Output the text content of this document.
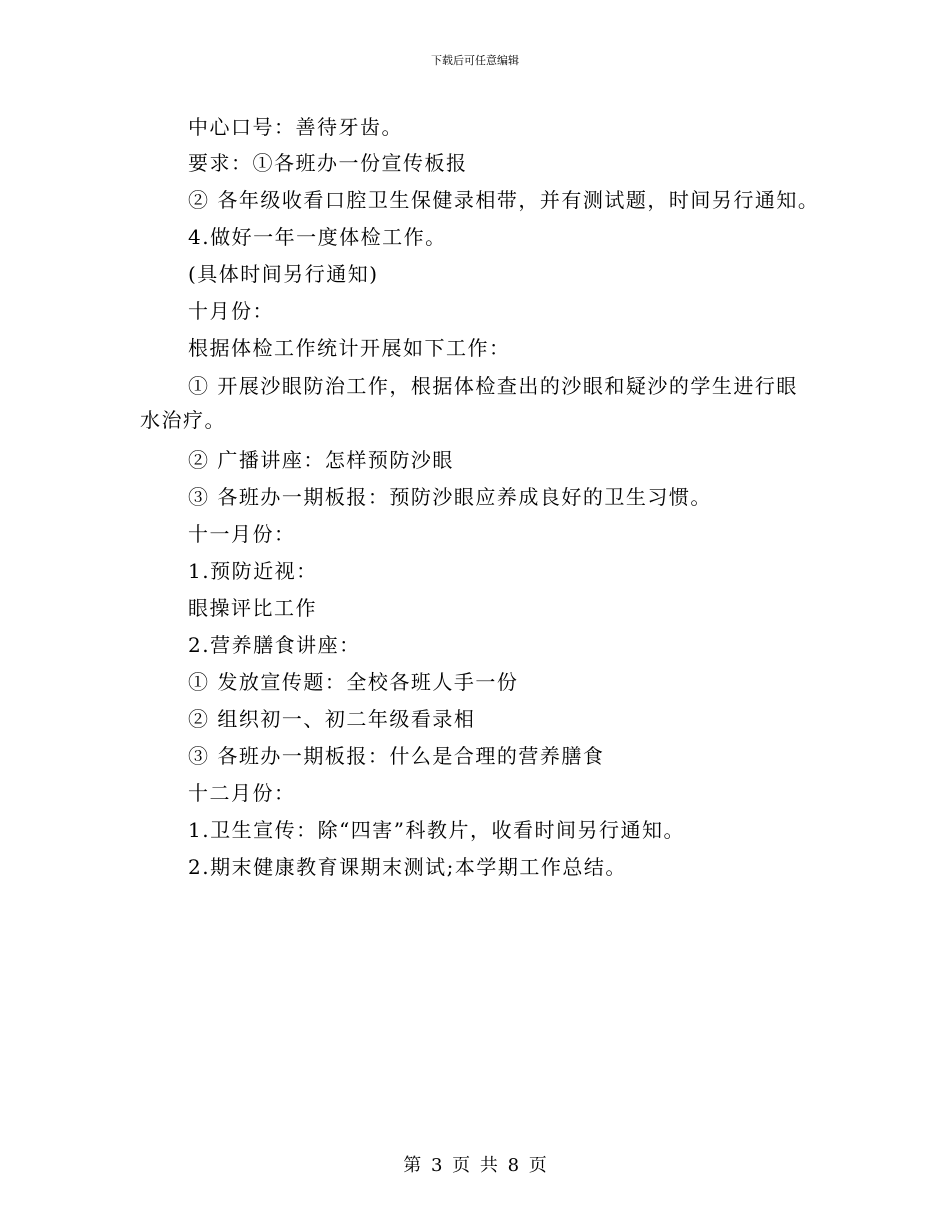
下载后可任意编辑
中心口号：善待牙齿。
要求：①各班办一份宣传板报
② 各年级收看口腔卫生保健录相带，并有测试题，时间另行通知。
4.做好一年一度体检工作。
(具体时间另行通知)
十月份：
根据体检工作统计开展如下工作：
① 开展沙眼防治工作，根据体检查出的沙眼和疑沙的学生进行眼
水治疗。
② 广播讲座：怎样预防沙眼
③ 各班办一期板报：预防沙眼应养成良好的卫生习惯。
十一月份：
1.预防近视：
眼操评比工作
2.营养膳食讲座：
① 发放宣传题：全校各班人手一份
② 组织初一、初二年级看录相
③ 各班办一期板报：什么是合理的营养膳食
十二月份：
1.卫生宣传：除“四害”科教片，收看时间另行通知。
2.期末健康教育课期末测试;本学期工作总结。
第 3 页 共 8 页
